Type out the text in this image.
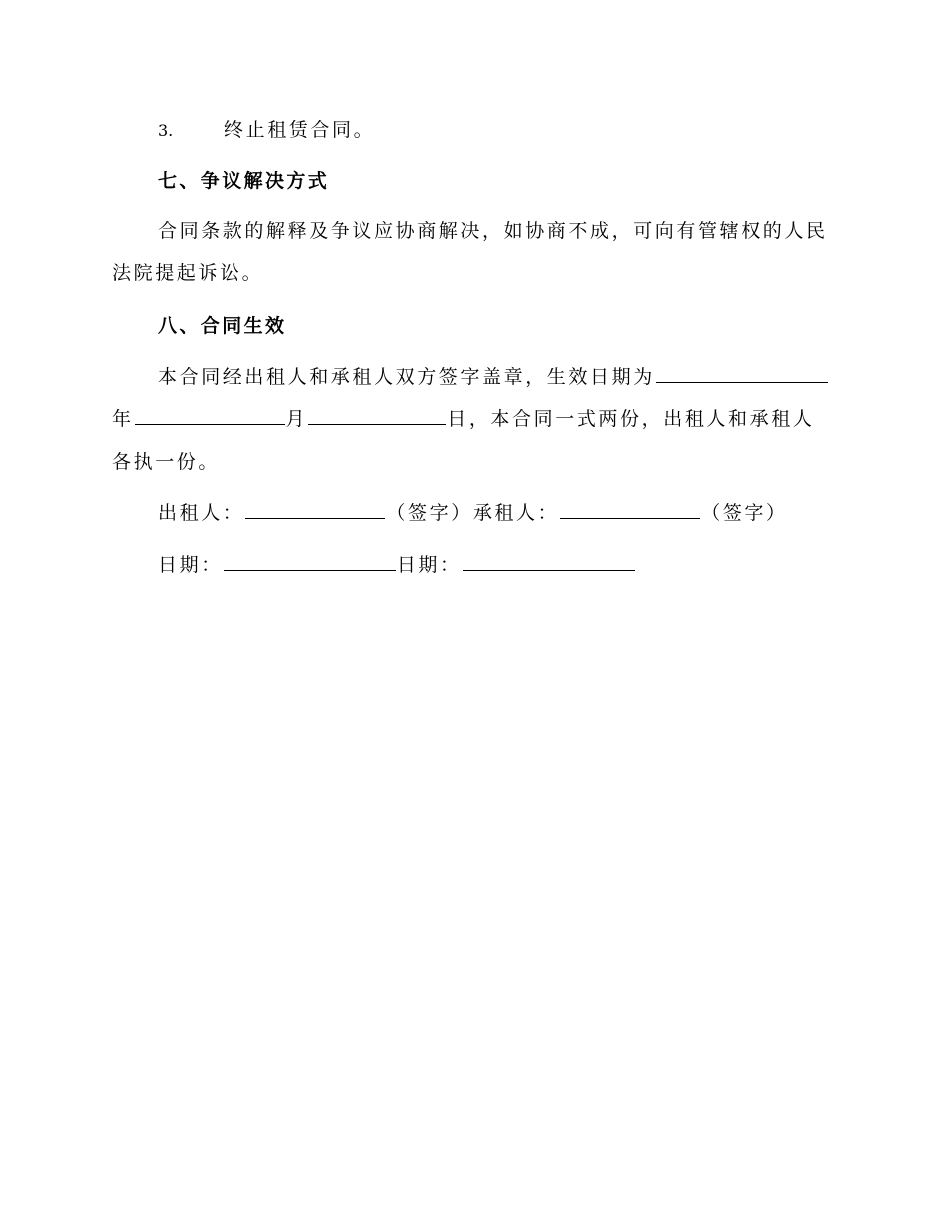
3.	终止租赁合同。
七、争议解决方式
合同条款的解释及争议应协商解决，如协商不成，可向有管辖权的人民
法院提起诉讼。
八、合同生效
本合同经出租人和承租人双方签字盖章，生效日期为
年	月	日，本合同一式两份，出租人和承租人
各执一份。
出租人：	（签字）承租人：	（签字）
日期：	日期：
